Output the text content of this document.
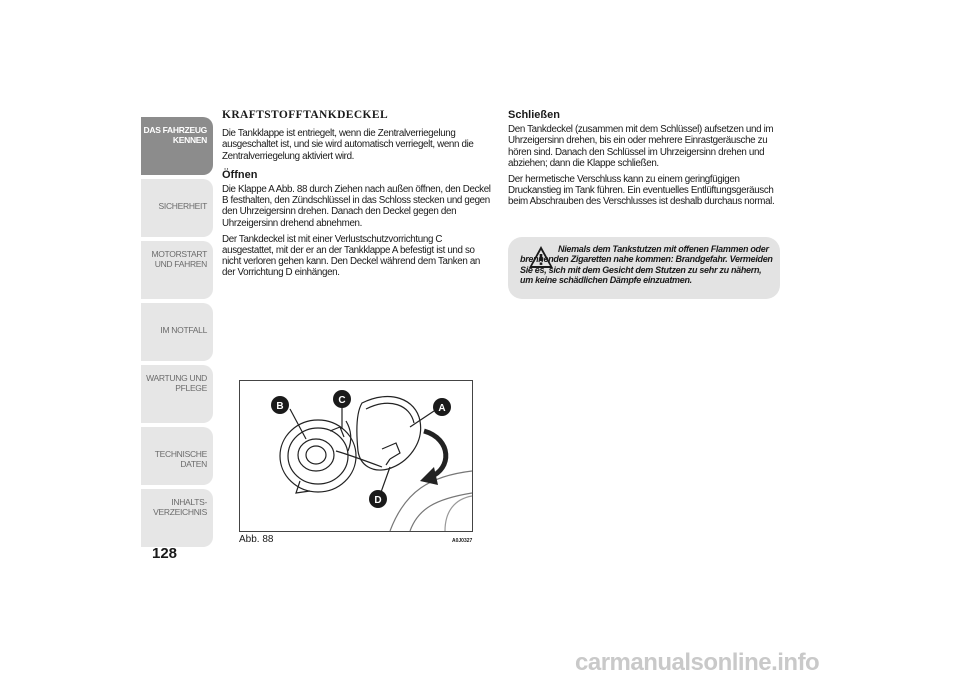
DAS FAHRZEUG KENNEN
SICHERHEIT
MOTORSTART UND FAHREN
IM NOTFALL
WARTUNG UND PFLEGE
TECHNISCHE DATEN
INHALTS- VERZEICHNIS
128
KRAFTSTOFFTANKDECKEL

Die Tankklappe ist entriegelt, wenn die Zentralverriegelung ausgeschaltet ist, und sie wird automatisch verriegelt, wenn die Zentralverriegelung aktiviert wird.

Öffnen

Die Klappe A Abb. 88 durch Ziehen nach außen öffnen, den Deckel B festhalten, den Zündschlüssel in das Schloss stecken und gegen den Uhrzeigersinn drehen. Danach den Deckel gegen den Uhrzeigersinn drehend abnehmen.

Der Tankdeckel ist mit einer Verlustschutzvorrichtung C ausgestattet, mit der er an der Tankklappe A befestigt ist und so nicht verloren gehen kann. Den Deckel während dem Tanken an der Vorrichtung D einhängen.

Schließen

Den Tankdeckel (zusammen mit dem Schlüssel) aufsetzen und im Uhrzeigersinn drehen, bis ein oder mehrere Einrastgeräusche zu hören sind. Danach den Schlüssel im Uhrzeigersinn drehen und abziehen; dann die Klappe schließen.

Der hermetische Verschluss kann zu einem geringfügigen Druckanstieg im Tank führen. Ein eventuelles Entlüftungsgeräusch beim Abschrauben des Verschlusses ist deshalb durchaus normal.

Niemals dem Tankstutzen mit offenen Flammen oder brennenden Zigaretten nahe kommen: Brandgefahr. Vermeiden Sie es, sich mit dem Gesicht dem Stutzen zu sehr zu nähern, um keine schädlichen Dämpfe einzuatmen.
B
C
A
D
Abb. 88	A0J0327
carmanualsonline.info
